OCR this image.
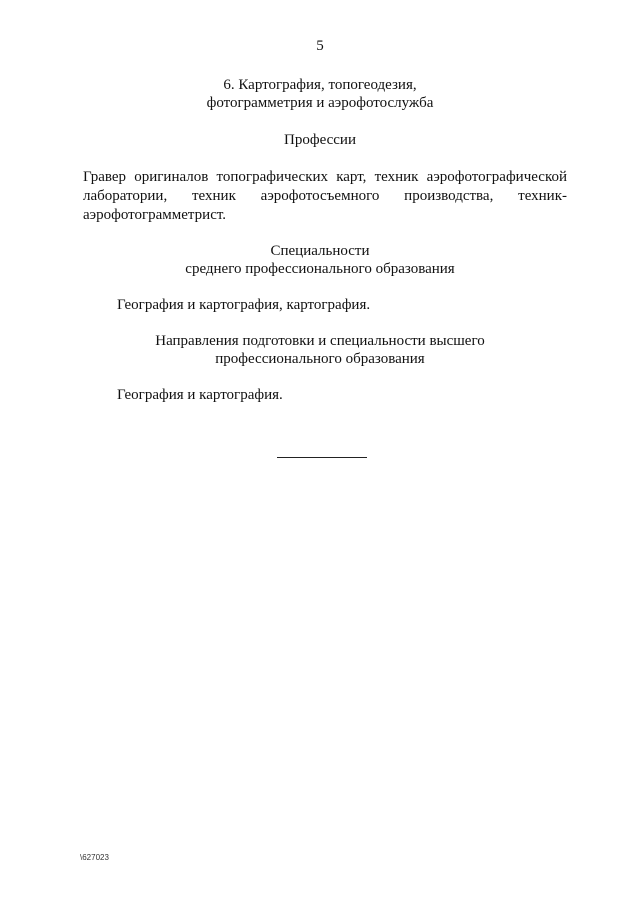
5
6. Картография, топогеодезия,
фотограмметрия и аэрофотослужба
Профессии
Гравер оригиналов топографических карт, техник аэрофотографической лаборатории, техник аэрофотосъемного производства, техник-аэрофотограмметрист.
Специальности
среднего профессионального образования
География и картография, картография.
Направления подготовки и специальности высшего
профессионального образования
География и картография.
\627023
